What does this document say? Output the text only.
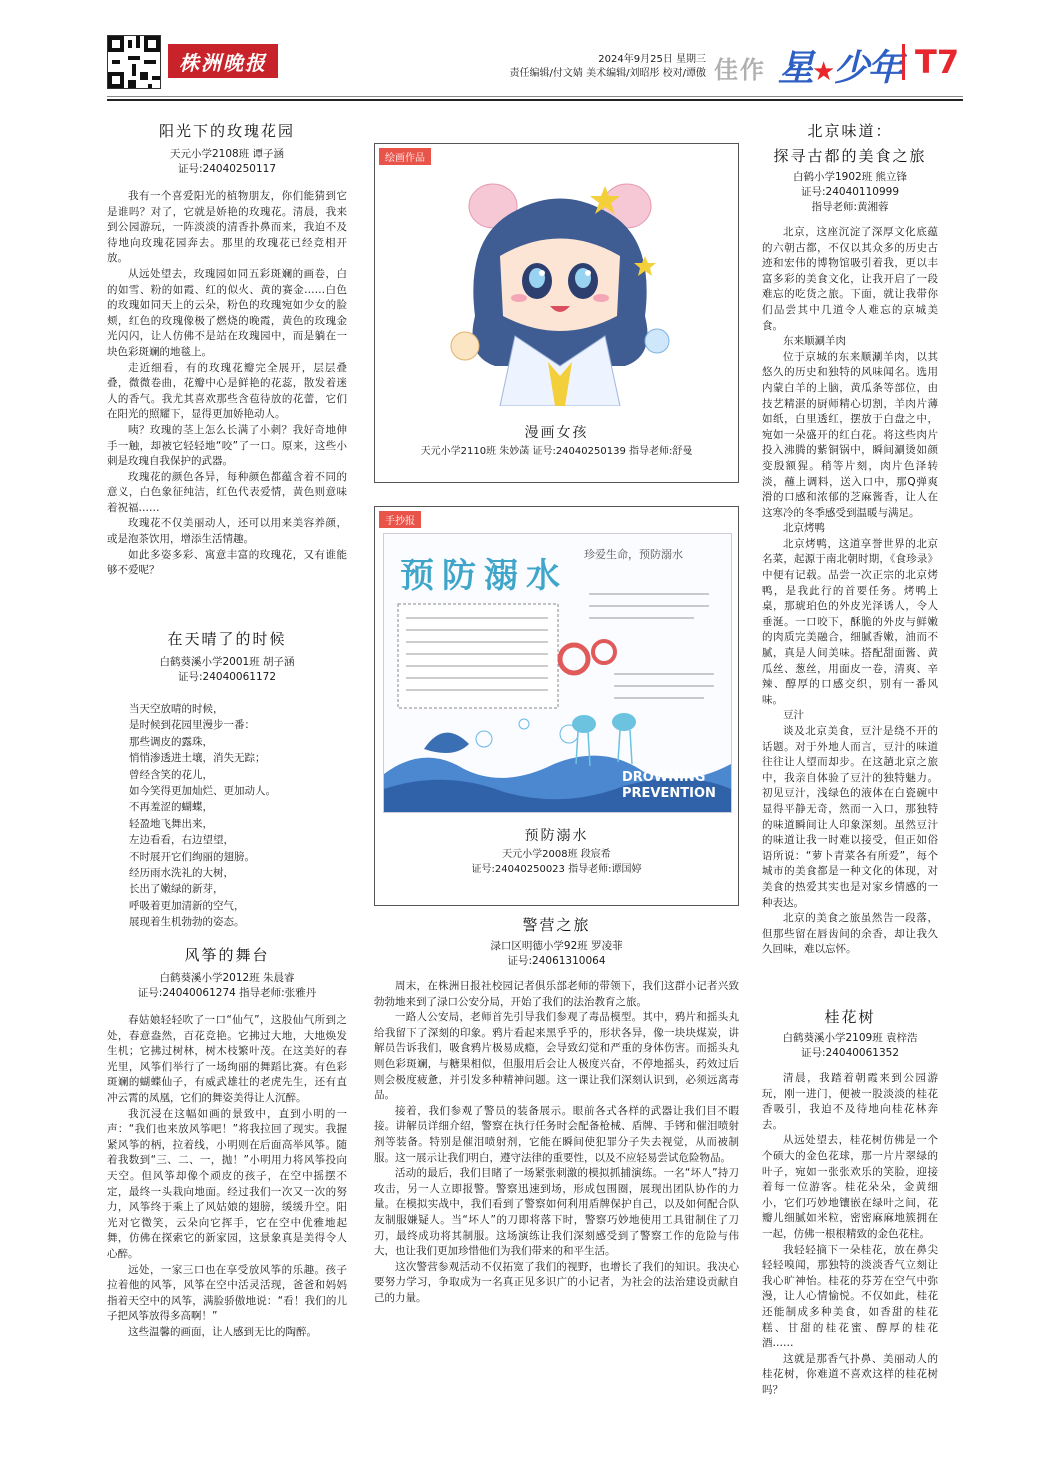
株洲晚报	2024年9月25日 星期三
责任编辑/付文婧 美术编辑/刘昭彤 校对/谭傲 佳作 星★少年 T7
阳光下的玫瑰花园
天元小学2108班 谭子涵
证号:24040250117

我有一个喜爱阳光的植物朋友，你们能猜到它是谁吗？对了，它就是娇艳的玫瑰花。清晨，我来到公园游玩，一阵淡淡的清香扑鼻而来，我迫不及待地向玫瑰花园奔去。那里的玫瑰花已经竞相开放。

从远处望去，玫瑰园如同五彩斑斓的画卷，白的如雪、粉的如霞、红的似火、黄的赛金……白色的玫瑰如同天上的云朵，粉色的玫瑰宛如少女的脸颊，红色的玫瑰像极了燃烧的晚霞，黄色的玫瑰金光闪闪，让人仿佛不是站在玫瑰园中，而是躺在一块色彩斑斓的地毯上。

走近细看，有的玫瑰花瓣完全展开，层层叠叠，微微卷曲，花瓣中心是鲜艳的花蕊，散发着迷人的香气。我尤其喜欢那些含苞待放的花蕾，它们在阳光的照耀下，显得更加娇艳动人。

咦？玫瑰的茎上怎么长满了小刺？我好奇地伸手一触，却被它轻轻地“咬”了一口。原来，这些小刺是玫瑰自我保护的武器。

玫瑰花的颜色各异，每种颜色都蕴含着不同的意义，白色象征纯洁，红色代表爱情，黄色则意味着祝福……

玫瑰花不仅美丽动人，还可以用来美容养颜，或是泡茶饮用，增添生活情趣。

如此多姿多彩、寓意丰富的玫瑰花，又有谁能够不爱呢？

在天晴了的时候
白鹤葵溪小学2001班 胡子涵
证号:24040061172
当天空放晴的时候，
是时候到花园里漫步一番：
那些调皮的露珠，
悄悄渗透进土壤，消失无踪；
曾经含笑的花儿，
如今笑得更加灿烂、更加动人。
不再羞涩的蝴蝶，
轻盈地飞舞出来，
左边看看，右边望望，
不时展开它们绚丽的翅膀。
经历雨水洗礼的大树，
长出了嫩绿的新芽，
呼吸着更加清新的空气，
展现着生机勃勃的姿态。
风筝的舞台
白鹤葵溪小学2012班 朱晨睿
证号:24040061274 指导老师:张雅丹

春姑娘轻轻吹了一口“仙气”，这股仙气所到之处，春意盎然，百花竞艳。它拂过大地，大地焕发生机；它拂过树林，树木枝繁叶茂。在这美好的春光里，风筝们举行了一场绚丽的舞蹈比赛。有色彩斑斓的蝴蝶仙子，有威武雄壮的老虎先生，还有直冲云霄的凤凰，它们的舞姿美得让人沉醉。

我沉浸在这幅如画的景致中，直到小明的一声：“我们也来放风筝吧！”将我拉回了现实。我握紧风筝的柄，拉着线，小明则在后面高举风筝。随着我数到“三、二、一，抛！”小明用力将风筝投向天空。但风筝却像个顽皮的孩子，在空中摇摆不定，最终一头栽向地面。经过我们一次又一次的努力，风筝终于乘上了风姑娘的翅膀，缓缓升空。阳光对它微笑，云朵向它挥手，它在空中优雅地起舞，仿佛在探索它的新家园，这景象真是美得令人心醉。

远处，一家三口也在享受放风筝的乐趣。孩子拉着他的风筝，风筝在空中活灵活现，爸爸和妈妈指着天空中的风筝，满脸骄傲地说：“看！我们的儿子把风筝放得多高啊！”

这些温馨的画面，让人感到无比的陶醉。

绘画作品
漫画女孩
天元小学2110班 朱妙菡 证号:24040250139 指导老师:舒曼
手抄报
预防溺水
珍爱生命，预防溺水
DROWNING PREVENTION
预防溺水
天元小学2008班 段宸希
证号:24040250023 指导老师:谭国婷
警营之旅
渌口区明德小学92班 罗凌菲
证号:24061310064

周末，在株洲日报社校园记者俱乐部老师的带领下，我们这群小记者兴致勃勃地来到了渌口公安分局，开始了我们的法治教育之旅。

一路人公安局，老师首先引导我们参观了毒品模型。其中，鸦片和摇头丸给我留下了深刻的印象。鸦片看起来黑乎乎的，形状各异，像一块块煤炭，讲解员告诉我们，吸食鸦片极易成瘾，会导致幻觉和严重的身体伤害。而摇头丸则色彩斑斓，与糖果相似，但服用后会让人极度兴奋，不停地摇头，药效过后则会极度疲惫，并引发多种精神问题。这一课让我们深刻认识到，必须远离毒品。

接着，我们参观了警员的装备展示。眼前各式各样的武器让我们目不暇接。讲解员详细介绍，警察在执行任务时会配备枪械、盾牌、手铐和催泪喷射剂等装备。特别是催泪喷射剂，它能在瞬间使犯罪分子失去视觉，从而被制服。这一展示让我们明白，遵守法律的重要性，以及不应轻易尝试危险物品。

活动的最后，我们目睹了一场紧张刺激的模拟抓捕演练。一名“坏人”持刀攻击，另一人立即报警。警察迅速到场，形成包围圈，展现出团队协作的力量。在模拟实战中，我们看到了警察如何利用盾牌保护自己，以及如何配合队友制服嫌疑人。当“坏人”的刀即将落下时，警察巧妙地使用工具钳制住了刀刃，最终成功将其制服。这场演练让我们深刻感受到了警察工作的危险与伟大，也让我们更加珍惜他们为我们带来的和平生活。

这次警营参观活动不仅拓宽了我们的视野，也增长了我们的知识。我决心要努力学习，争取成为一名真正见多识广的小记者，为社会的法治建设贡献自己的力量。

北京味道：
探寻古都的美食之旅
白鹤小学1902班 熊立锋
证号:24040110999
指导老师:黄湘蓉

北京，这座沉淀了深厚文化底蕴的六朝古都，不仅以其众多的历史古迹和宏伟的博物馆吸引着我，更以丰富多彩的美食文化，让我开启了一段难忘的吃货之旅。下面，就让我带你们品尝其中几道令人难忘的京城美食。

东来顺涮羊肉

位于京城的东来顺涮羊肉，以其悠久的历史和独特的风味闻名。选用内蒙白羊的上脑，黄瓜条等部位，由技艺精湛的厨师精心切割，羊肉片薄如纸，白里透红，摆放于白盘之中，宛如一朵盛开的红白花。将这些肉片投入沸腾的紫铜锅中，瞬间涮烫如颜变殷额猩。稍等片刻，肉片色泽转淡，蘸上调料，送入口中，那Q弹爽滑的口感和浓郁的芝麻酱香，让人在这寒冷的冬季感受到温暖与满足。

北京烤鸭

北京烤鸭，这道享誉世界的北京名菜，起源于南北朝时期，《食珍录》中便有记载。品尝一次正宗的北京烤鸭，是我此行的首要任务。烤鸭上桌，那琥珀色的外皮光泽诱人，令人垂涎。一口咬下，酥脆的外皮与鲜嫩的肉质完美融合，细腻香嫩，油而不腻，真是人间美味。搭配甜面酱、黄瓜丝、葱丝，用面皮一卷，清爽、辛辣、醇厚的口感交织，别有一番风味。

豆汁

谈及北京美食，豆汁是绕不开的话题。对于外地人而言，豆汁的味道往往让人望而却步。在这趟北京之旅中，我亲自体验了豆汁的独特魅力。初见豆汁，浅绿色的液体在白瓷碗中显得平静无奇，然而一入口，那独特的味道瞬间让人印象深刻。虽然豆汁的味道让我一时难以接受，但正如俗语所说：“萝卜青菜各有所爱”，每个城市的美食都是一种文化的体现，对美食的热爱其实也是对家乡情感的一种表达。

北京的美食之旅虽然告一段落，但那些留在唇齿间的余香，却让我久久回味，难以忘怀。

桂花树
白鹤葵溪小学2109班 袁梓浩
证号:24040061352

清晨，我踏着朝霞来到公园游玩，刚一进门，便被一股淡淡的桂花香吸引，我迫不及待地向桂花林奔去。

从远处望去，桂花树仿佛是一个个硕大的金色花球，那一片片翠绿的叶子，宛如一张张欢乐的笑脸，迎接着每一位游客。桂花朵朵，金黄细小，它们巧妙地镶嵌在绿叶之间，花瓣儿细腻如米粒，密密麻麻地簇拥在一起，仿佛一根根精致的金色花柱。

我轻轻摘下一朵桂花，放在鼻尖轻轻嗅闻，那独特的淡淡香气立刻让我心旷神怡。桂花的芬芳在空气中弥漫，让人心情愉悦。不仅如此，桂花还能制成多种美食，如香甜的桂花糕、甘甜的桂花蜜、醇厚的桂花酒……

这就是那香气扑鼻、美丽动人的桂花树，你难道不喜欢这样的桂花树吗？
